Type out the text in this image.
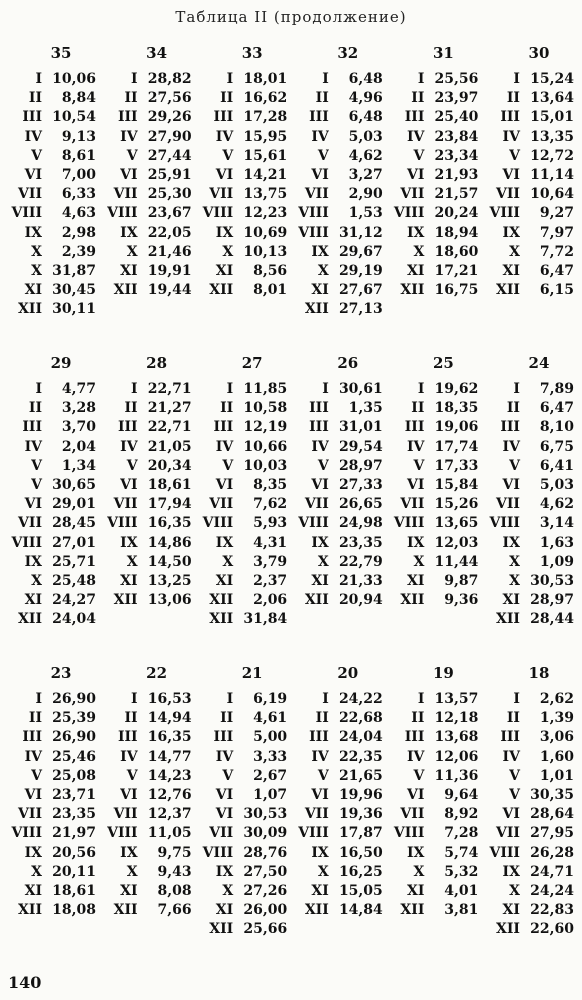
Таблица II (продолжение)
35
I 10,06
II	8,84
III 10,54
IV	9,13
V	8,61
VI	7,00
VII	6,33
VIII	4,63
IX	2,98
X	2,39
X 31,87
XI 30,45
XII 30,11
34
I 28,82
II 27,56
III 29,26
IV 27,90
V 27,44
VI 25,91
VII 25,30
VIII 23,67
IX 22,05
X 21,46
XI 19,91
XII 19,44
33
I 18,01
II 16,62
III 17,28
IV 15,95
V 15,61
VI 14,21
VII 13,75
VIII 12,23
IX 10,69
X 10,13
XI	8,56
XII	8,01
32
I	6,48
II	4,96
III	6,48
IV	5,03
V	4,62
VI	3,27
VII	2,90
VIII	1,53
VIII 31,12
IX 29,67
X 29,19
XI 27,67
XII 27,13
31
I 25,56
II 23,97
III 25,40
IV 23,84
V 23,34
VI 21,93
VII 21,57
VIII 20,24
IX 18,94
X 18,60
XI 17,21
XII 16,75
30
I 15,24
II 13,64
III 15,01
IV 13,35
V 12,72
VI 11,14
VII 10,64
VIII	9,27
IX	7,97
X	7,72
XI	6,47
XII	6,15
29
I	4,77
II	3,28
III	3,70
IV	2,04
V	1,34
V 30,65
VI 29,01
VII 28,45
VIII 27,01
IX 25,71
X 25,48
XI 24,27
XII 24,04
28
I 22,71
II 21,27
III 22,71
IV 21,05
V 20,34
VI 18,61
VII 17,94
VIII 16,35
IX 14,86
X 14,50
XI 13,25
XII 13,06
27
I 11,85
II 10,58
III 12,19
IV 10,66
V 10,03
VI	8,35
VII	7,62
VIII	5,93
IX	4,31
X	3,79
XI	2,37
XII	2,06
XII 31,84
26
I 30,61
III	1,35
III 31,01
IV 29,54
V 28,97
VI 27,33
VII 26,65
VIII 24,98
IX 23,35
X 22,79
XI 21,33
XII 20,94
25
I 19,62
II 18,35
III 19,06
IV 17,74
V 17,33
VI 15,84
VII 15,26
VIII 13,65
IX 12,03
X 11,44
XI	9,87
XII	9,36
24
I	7,89
II	6,47
III	8,10
IV	6,75
V	6,41
VI	5,03
VII	4,62
VIII	3,14
IX	1,63
X	1,09
X 30,53
XI 28,97
XII 28,44
23
I 26,90
II 25,39
III 26,90
IV 25,46
V 25,08
VI 23,71
VII 23,35
VIII 21,97
IX 20,56
X 20,11
XI 18,61
XII 18,08
22
I 16,53
II 14,94
III 16,35
IV 14,77
V 14,23
VI 12,76
VII 12,37
VIII 11,05
IX	9,75
X	9,43
XI	8,08
XII	7,66
21
I	6,19
II	4,61
III	5,00
IV	3,33
V	2,67
VI	1,07
VI 30,53
VII 30,09
VIII 28,76
IX 27,50
X 27,26
XI 26,00
XII 25,66
20
I 24,22
II 22,68
III 24,04
IV 22,35
V 21,65
VI 19,96
VII 19,36
VIII 17,87
IX 16,50
X 16,25
XI 15,05
XII 14,84
19
I 13,57
II 12,18
III 13,68
IV 12,06
V 11,36
VI	9,64
VII	8,92
VIII	7,28
IX	5,74
X	5,32
XI	4,01
XII	3,81
18
I	2,62
II	1,39
III	3,06
IV	1,60
V	1,01
V 30,35
VI 28,64
VII 27,95
VIII 26,28
IX 24,71
X 24,24
XI 22,83
XII 22,60
140
